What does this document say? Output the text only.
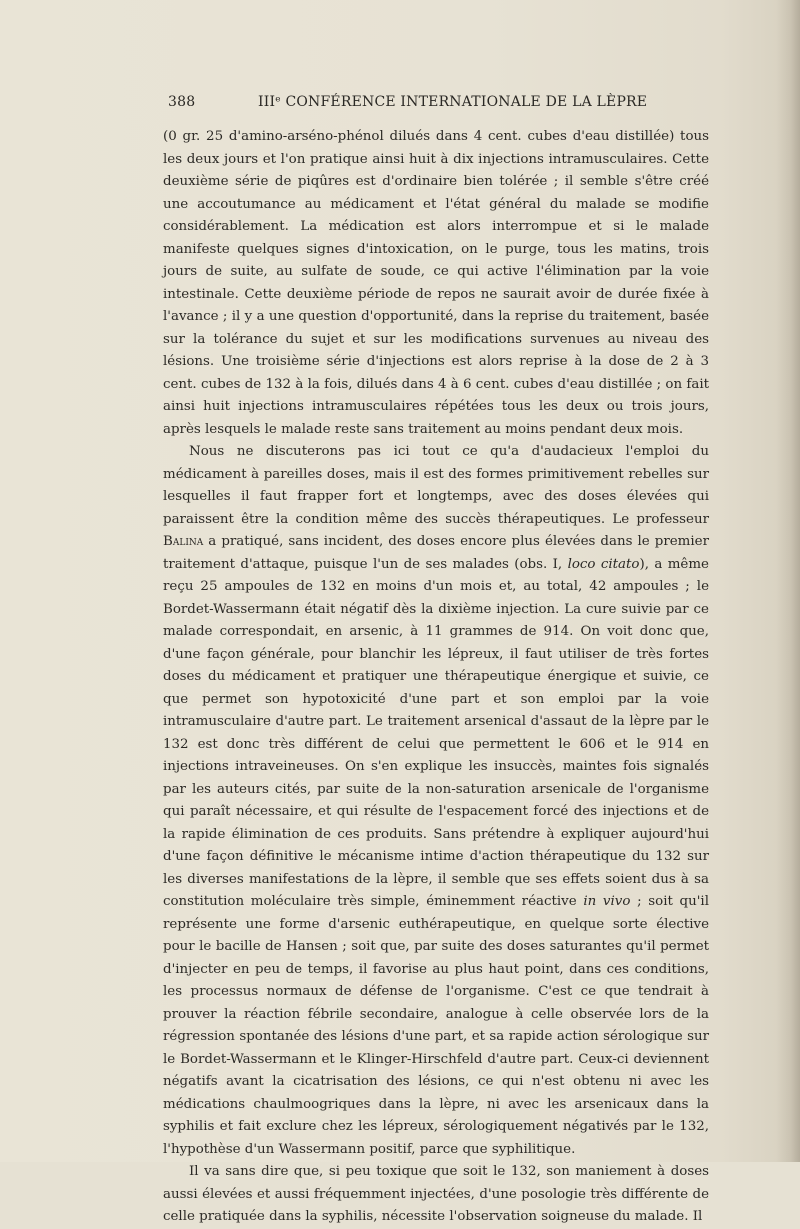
388	IIIᵉ CONFÉRENCE INTERNATIONALE DE LA LÈPRE

(0 gr. 25 d'amino-arséno-phénol dilués dans 4 cent. cubes d'eau distillée) tous les deux jours et l'on pratique ainsi huit à dix injections intramusculaires. Cette deuxième série de piqûres est d'ordinaire bien tolérée ; il semble s'être créé une accoutumance au médicament et l'état général du malade se modifie considérablement. La médication est alors interrompue et si le malade manifeste quelques signes d'intoxication, on le purge, tous les matins, trois jours de suite, au sulfate de soude, ce qui active l'élimination par la voie intestinale. Cette deuxième période de repos ne saurait avoir de durée fixée à l'avance ; il y a une question d'opportunité, dans la reprise du traitement, basée sur la tolérance du sujet et sur les modifications survenues au niveau des lésions. Une troisième série d'injections est alors reprise à la dose de 2 à 3 cent. cubes de 132 à la fois, dilués dans 4 à 6 cent. cubes d'eau distillée ; on fait ainsi huit injections intramusculaires répétées tous les deux ou trois jours, après lesquels le malade reste sans traitement au moins pendant deux mois.

Nous ne discuterons pas ici tout ce qu'a d'audacieux l'emploi du médicament à pareilles doses, mais il est des formes primitivement rebelles sur lesquelles il faut frapper fort et longtemps, avec des doses élevées qui paraissent être la condition même des succès thérapeutiques. Le professeur Balina a pratiqué, sans incident, des doses encore plus élevées dans le premier traitement d'attaque, puisque l'un de ses malades (obs. I, loco citato), a même reçu 25 ampoules de 132 en moins d'un mois et, au total, 42 ampoules ; le Bordet-Wassermann était négatif dès la dixième injection. La cure suivie par ce malade correspondait, en arsenic, à 11 grammes de 914. On voit donc que, d'une façon générale, pour blanchir les lépreux, il faut utiliser de très fortes doses du médicament et pratiquer une thérapeutique énergique et suivie, ce que permet son hypotoxicité d'une part et son emploi par la voie intramusculaire d'autre part. Le traitement arsenical d'assaut de la lèpre par le 132 est donc très différent de celui que permettent le 606 et le 914 en injections intraveineuses. On s'en explique les insuccès, maintes fois signalés par les auteurs cités, par suite de la non-saturation arsenicale de l'organisme qui paraît nécessaire, et qui résulte de l'espacement forcé des injections et de la rapide élimination de ces produits. Sans prétendre à expliquer aujourd'hui d'une façon définitive le mécanisme intime d'action thérapeutique du 132 sur les diverses manifestations de la lèpre, il semble que ses effets soient dus à sa constitution moléculaire très simple, éminemment réactive in vivo ; soit qu'il représente une forme d'arsenic euthérapeutique, en quelque sorte élective pour le bacille de Hansen ; soit que, par suite des doses saturantes qu'il permet d'injecter en peu de temps, il favorise au plus haut point, dans ces conditions, les processus normaux de défense de l'organisme. C'est ce que tendrait à prouver la réaction fébrile secondaire, analogue à celle observée lors de la régression spontanée des lésions d'une part, et sa rapide action sérologique sur le Bordet-Wassermann et le Klinger-Hirschfeld d'autre part. Ceux-ci deviennent négatifs avant la cicatrisation des lésions, ce qui n'est obtenu ni avec les médications chaulmoogriques dans la lèpre, ni avec les arsenicaux dans la syphilis et fait exclure chez les lépreux, sérologiquement négativés par le 132, l'hypothèse d'un Wassermann positif, parce que syphilitique.

Il va sans dire que, si peu toxique que soit le 132, son maniement à doses aussi élevées et aussi fréquemment injectées, d'une posologie très différente de celle pratiquée dans la syphilis, nécessite l'observation soigneuse du malade. Il
